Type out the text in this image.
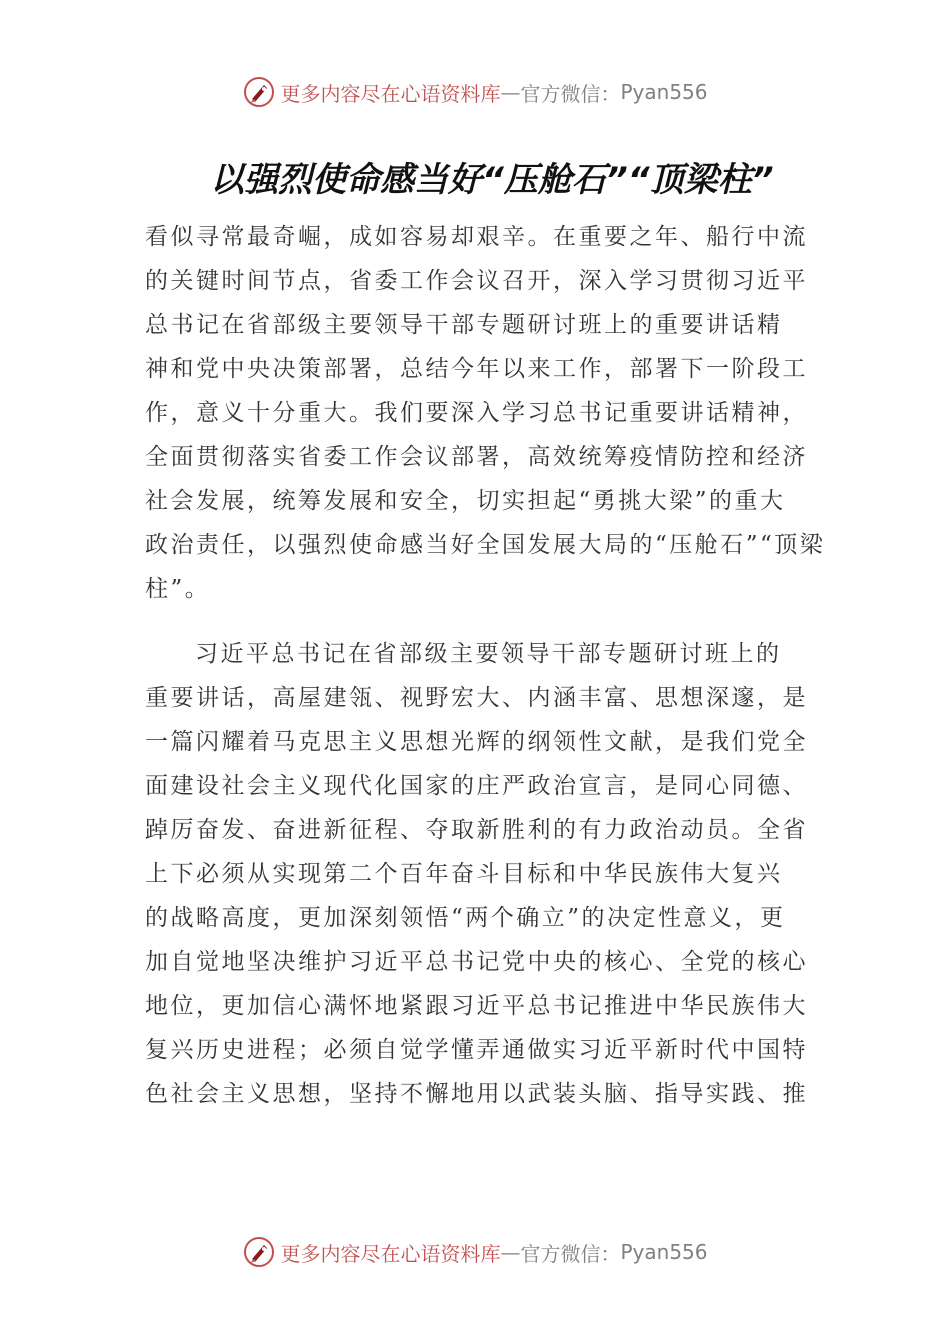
更多内容尽在心语资料库 — 官方微信： Pyan556
以强烈使命感当好“压舱石”“顶梁柱”
看似寻常最奇崛，成如容易却艰辛。在重要之年、船行中流
的关键时间节点，省委工作会议召开，深入学习贯彻习近平
总书记在省部级主要领导干部专题研讨班上的重要讲话精
神和党中央决策部署，总结今年以来工作，部署下一阶段工
作，意义十分重大。我们要深入学习总书记重要讲话精神，
全面贯彻落实省委工作会议部署，高效统筹疫情防控和经济
社会发展，统筹发展和安全，切实担起“勇挑大梁”的重大
政治责任，以强烈使命感当好全国发展大局的“压舱石”“顶梁
柱”。
习近平总书记在省部级主要领导干部专题研讨班上的
重要讲话，高屋建瓴、视野宏大、内涵丰富、思想深邃，是
一篇闪耀着马克思主义思想光辉的纲领性文献，是我们党全
面建设社会主义现代化国家的庄严政治宣言，是同心同德、
踔厉奋发、奋进新征程、夺取新胜利的有力政治动员。全省
上下必须从实现第二个百年奋斗目标和中华民族伟大复兴
的战略高度，更加深刻领悟“两个确立”的决定性意义，更
加自觉地坚决维护习近平总书记党中央的核心、全党的核心
地位，更加信心满怀地紧跟习近平总书记推进中华民族伟大
复兴历史进程；必须自觉学懂弄通做实习近平新时代中国特
色社会主义思想，坚持不懈地用以武装头脑、指导实践、推
更多内容尽在心语资料库 — 官方微信： Pyan556
